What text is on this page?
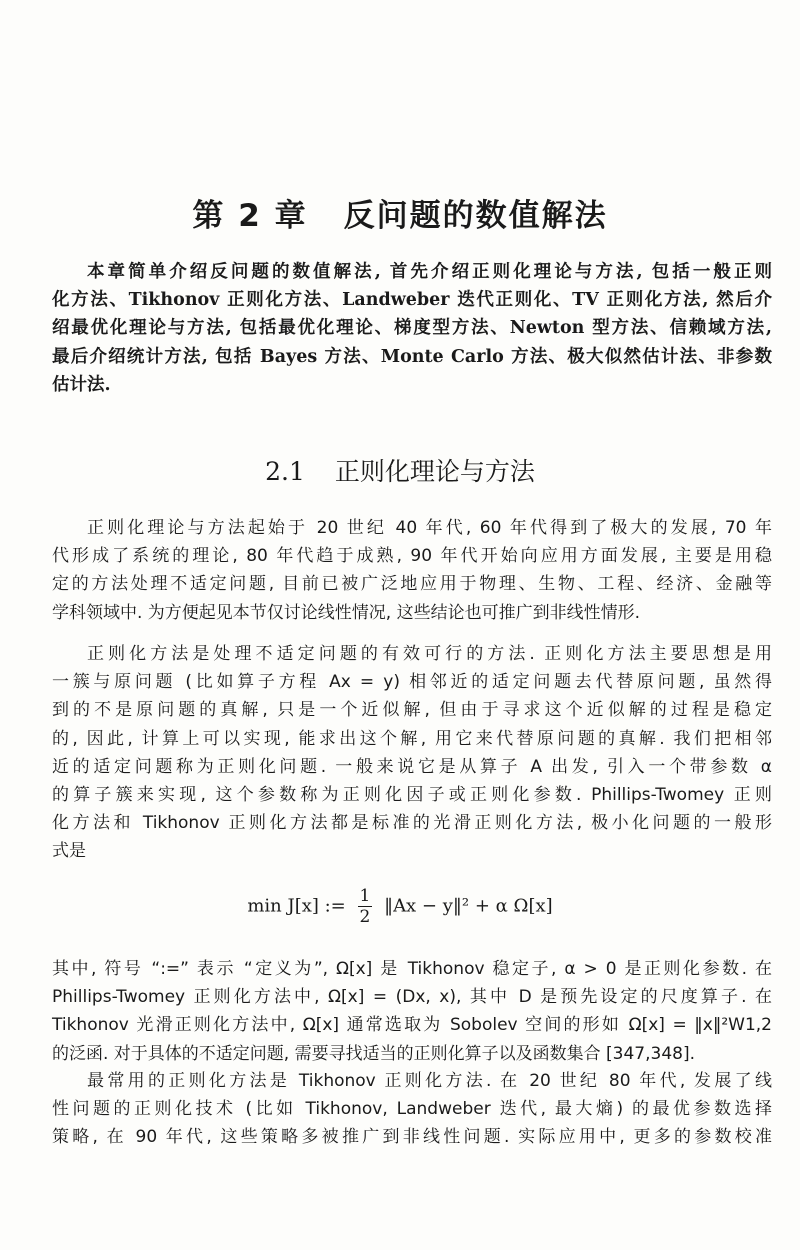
第 2 章 反问题的数值解法
本章简单介绍反问题的数值解法, 首先介绍正则化理论与方法, 包括一般正则
化方法、Tikhonov 正则化方法、Landweber 迭代正则化、TV 正则化方法, 然后介
绍最优化理论与方法, 包括最优化理论、梯度型方法、Newton 型方法、信赖域方法,
最后介绍统计方法, 包括 Bayes 方法、Monte Carlo 方法、极大似然估计法、非参数
估计法.
2.1 正则化理论与方法
正则化理论与方法起始于 20 世纪 40 年代, 60 年代得到了极大的发展, 70 年
代形成了系统的理论, 80 年代趋于成熟, 90 年代开始向应用方面发展, 主要是用稳
定的方法处理不适定问题, 目前已被广泛地应用于物理、生物、工程、经济、金融等
学科领域中. 为方便起见本节仅讨论线性情况, 这些结论也可推广到非线性情形.
正则化方法是处理不适定问题的有效可行的方法. 正则化方法主要思想是用
一簇与原问题 (比如算子方程 Ax = y) 相邻近的适定问题去代替原问题, 虽然得
到的不是原问题的真解, 只是一个近似解, 但由于寻求这个近似解的过程是稳定
的, 因此, 计算上可以实现, 能求出这个解, 用它来代替原问题的真解. 我们把相邻
近的适定问题称为正则化问题. 一般来说它是从算子 A 出发, 引入一个带参数 α
的算子簇来实现, 这个参数称为正则化因子或正则化参数. Phillips-Twomey 正则
化方法和 Tikhonov 正则化方法都是标准的光滑正则化方法, 极小化问题的一般形
式是
min J[x] := $\frac{1}{2}$ ‖Ax − y‖² + α Ω[x]
其中, 符号 “:=” 表示 “定义为”, Ω[x] 是 Tikhonov 稳定子, α > 0 是正则化参数. 在
Phillips-Twomey 正则化方法中, Ω[x] = (Dx, x), 其中 D 是预先设定的尺度算子. 在
Tikhonov 光滑正则化方法中, Ω[x] 通常选取为 Sobolev 空间的形如 Ω[x] = ‖x‖²W1,2
的泛函. 对于具体的不适定问题, 需要寻找适当的正则化算子以及函数集合 [347,348].
最常用的正则化方法是 Tikhonov 正则化方法. 在 20 世纪 80 年代, 发展了线
性问题的正则化技术 (比如 Tikhonov, Landweber 迭代, 最大熵) 的最优参数选择
策略, 在 90 年代, 这些策略多被推广到非线性问题. 实际应用中, 更多的参数校准
